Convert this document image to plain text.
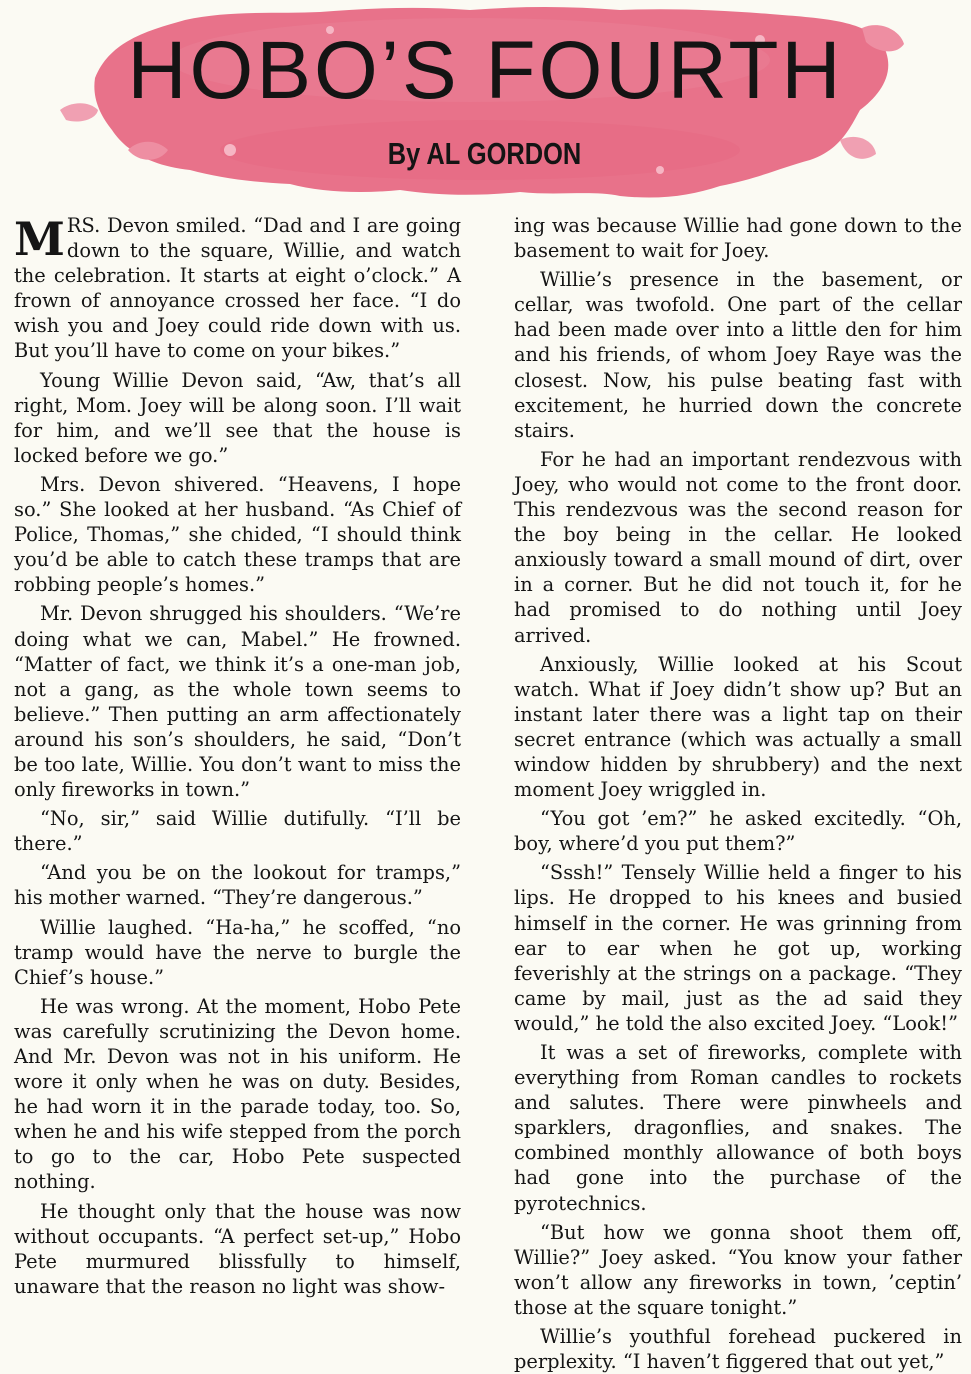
HOBO’S FOURTH
By AL GORDON

MRS. Devon smiled. “Dad and I are going down to the square, Willie, and watch the celebration. It starts at eight o’clock.” A frown of annoyance crossed her face. “I do wish you and Joey could ride down with us. But you’ll have to come on your bikes.”

Young Willie Devon said, “Aw, that’s all right, Mom. Joey will be along soon. I’ll wait for him, and we’ll see that the house is locked before we go.”

Mrs. Devon shivered. “Heavens, I hope so.” She looked at her husband. “As Chief of Police, Thomas,” she chided, “I should think you’d be able to catch these tramps that are robbing people’s homes.”

Mr. Devon shrugged his shoulders. “We’re doing what we can, Mabel.” He frowned. “Matter of fact, we think it’s a one-man job, not a gang, as the whole town seems to believe.” Then putting an arm affectionately around his son’s shoulders, he said, “Don’t be too late, Willie. You don’t want to miss the only fireworks in town.”

“No, sir,” said Willie dutifully. “I’ll be there.”

“And you be on the lookout for tramps,” his mother warned. “They’re dangerous.”

Willie laughed. “Ha-ha,” he scoffed, “no tramp would have the nerve to burgle the Chief’s house.”

He was wrong. At the moment, Hobo Pete was carefully scrutinizing the Devon home. And Mr. Devon was not in his uniform. He wore it only when he was on duty. Besides, he had worn it in the parade today, too. So, when he and his wife stepped from the porch to go to the car, Hobo Pete suspected nothing.

He thought only that the house was now without occupants. “A perfect set-up,” Hobo Pete murmured blissfully to himself, unaware that the reason no light was show-

ing was because Willie had gone down to the basement to wait for Joey.

Willie’s presence in the basement, or cellar, was twofold. One part of the cellar had been made over into a little den for him and his friends, of whom Joey Raye was the closest. Now, his pulse beating fast with excitement, he hurried down the concrete stairs.

For he had an important rendezvous with Joey, who would not come to the front door. This rendezvous was the second reason for the boy being in the cellar. He looked anxiously toward a small mound of dirt, over in a corner. But he did not touch it, for he had promised to do nothing until Joey arrived.

Anxiously, Willie looked at his Scout watch. What if Joey didn’t show up? But an instant later there was a light tap on their secret entrance (which was actually a small window hidden by shrubbery) and the next moment Joey wriggled in.

“You got ’em?” he asked excitedly. “Oh, boy, where’d you put them?”

“Sssh!” Tensely Willie held a finger to his lips. He dropped to his knees and busied himself in the corner. He was grinning from ear to ear when he got up, working feverishly at the strings on a package. “They came by mail, just as the ad said they would,” he told the also excited Joey. “Look!”

It was a set of fireworks, complete with everything from Roman candles to rockets and salutes. There were pinwheels and sparklers, dragonflies, and snakes. The combined monthly allowance of both boys had gone into the purchase of the pyrotechnics.

“But how we gonna shoot them off, Willie?” Joey asked. “You know your father won’t allow any fireworks in town, ’ceptin’ those at the square tonight.”

Willie’s youthful forehead puckered in perplexity. “I haven’t figgered that out yet,”
